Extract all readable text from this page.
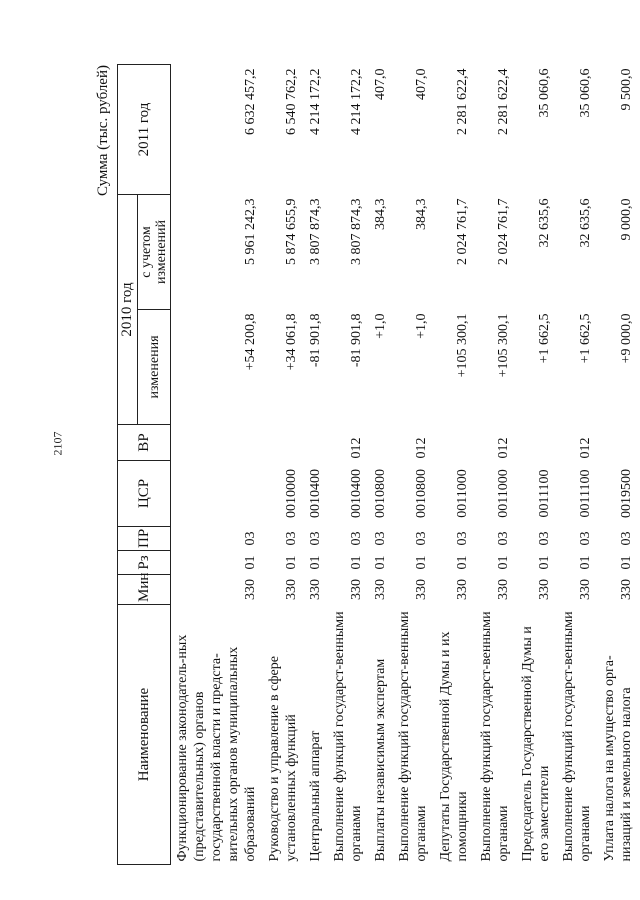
2107
Сумма (тыс. рублей)
Наименование	Мин	Рз	ПР	ЦСР	ВР	2010 год		2011 год
						изменения	с учетом изменений	
Функционирование законодатель-ных (представительных) органов государственной власти и предста-вительных органов муниципальных образований	330	01	03			+54 200,8	5 961 242,3	6 632 457,2
Руководство и управление в сфере установленных функций	330	01	03	0010000		+34 061,8	5 874 655,9	6 540 762,2
Центральный аппарат	330	01	03	0010400		-81 901,8	3 807 874,3	4 214 172,2
Выполнение функций государст-венными органами	330	01	03	0010400	012	-81 901,8	3 807 874,3	4 214 172,2
Выплаты независимым экспертам	330	01	03	0010800		+1,0	384,3	407,0
Выполнение функций государст-венными органами	330	01	03	0010800	012	+1,0	384,3	407,0
Депутаты Государственной Думы и их помощники	330	01	03	0011000		+105 300,1	2 024 761,7	2 281 622,4
Выполнение функций государст-венными органами	330	01	03	0011000	012	+105 300,1	2 024 761,7	2 281 622,4
Председатель Государственной Думы и его заместители	330	01	03	0011100		+1 662,5	32 635,6	35 060,6
Выполнение функций государст-венными органами	330	01	03	0011100	012	+1 662,5	32 635,6	35 060,6
Уплата налога на имущество орга-низаций и земельного налога	330	01	03	0019500		+9 000,0	9 000,0	9 500,0
